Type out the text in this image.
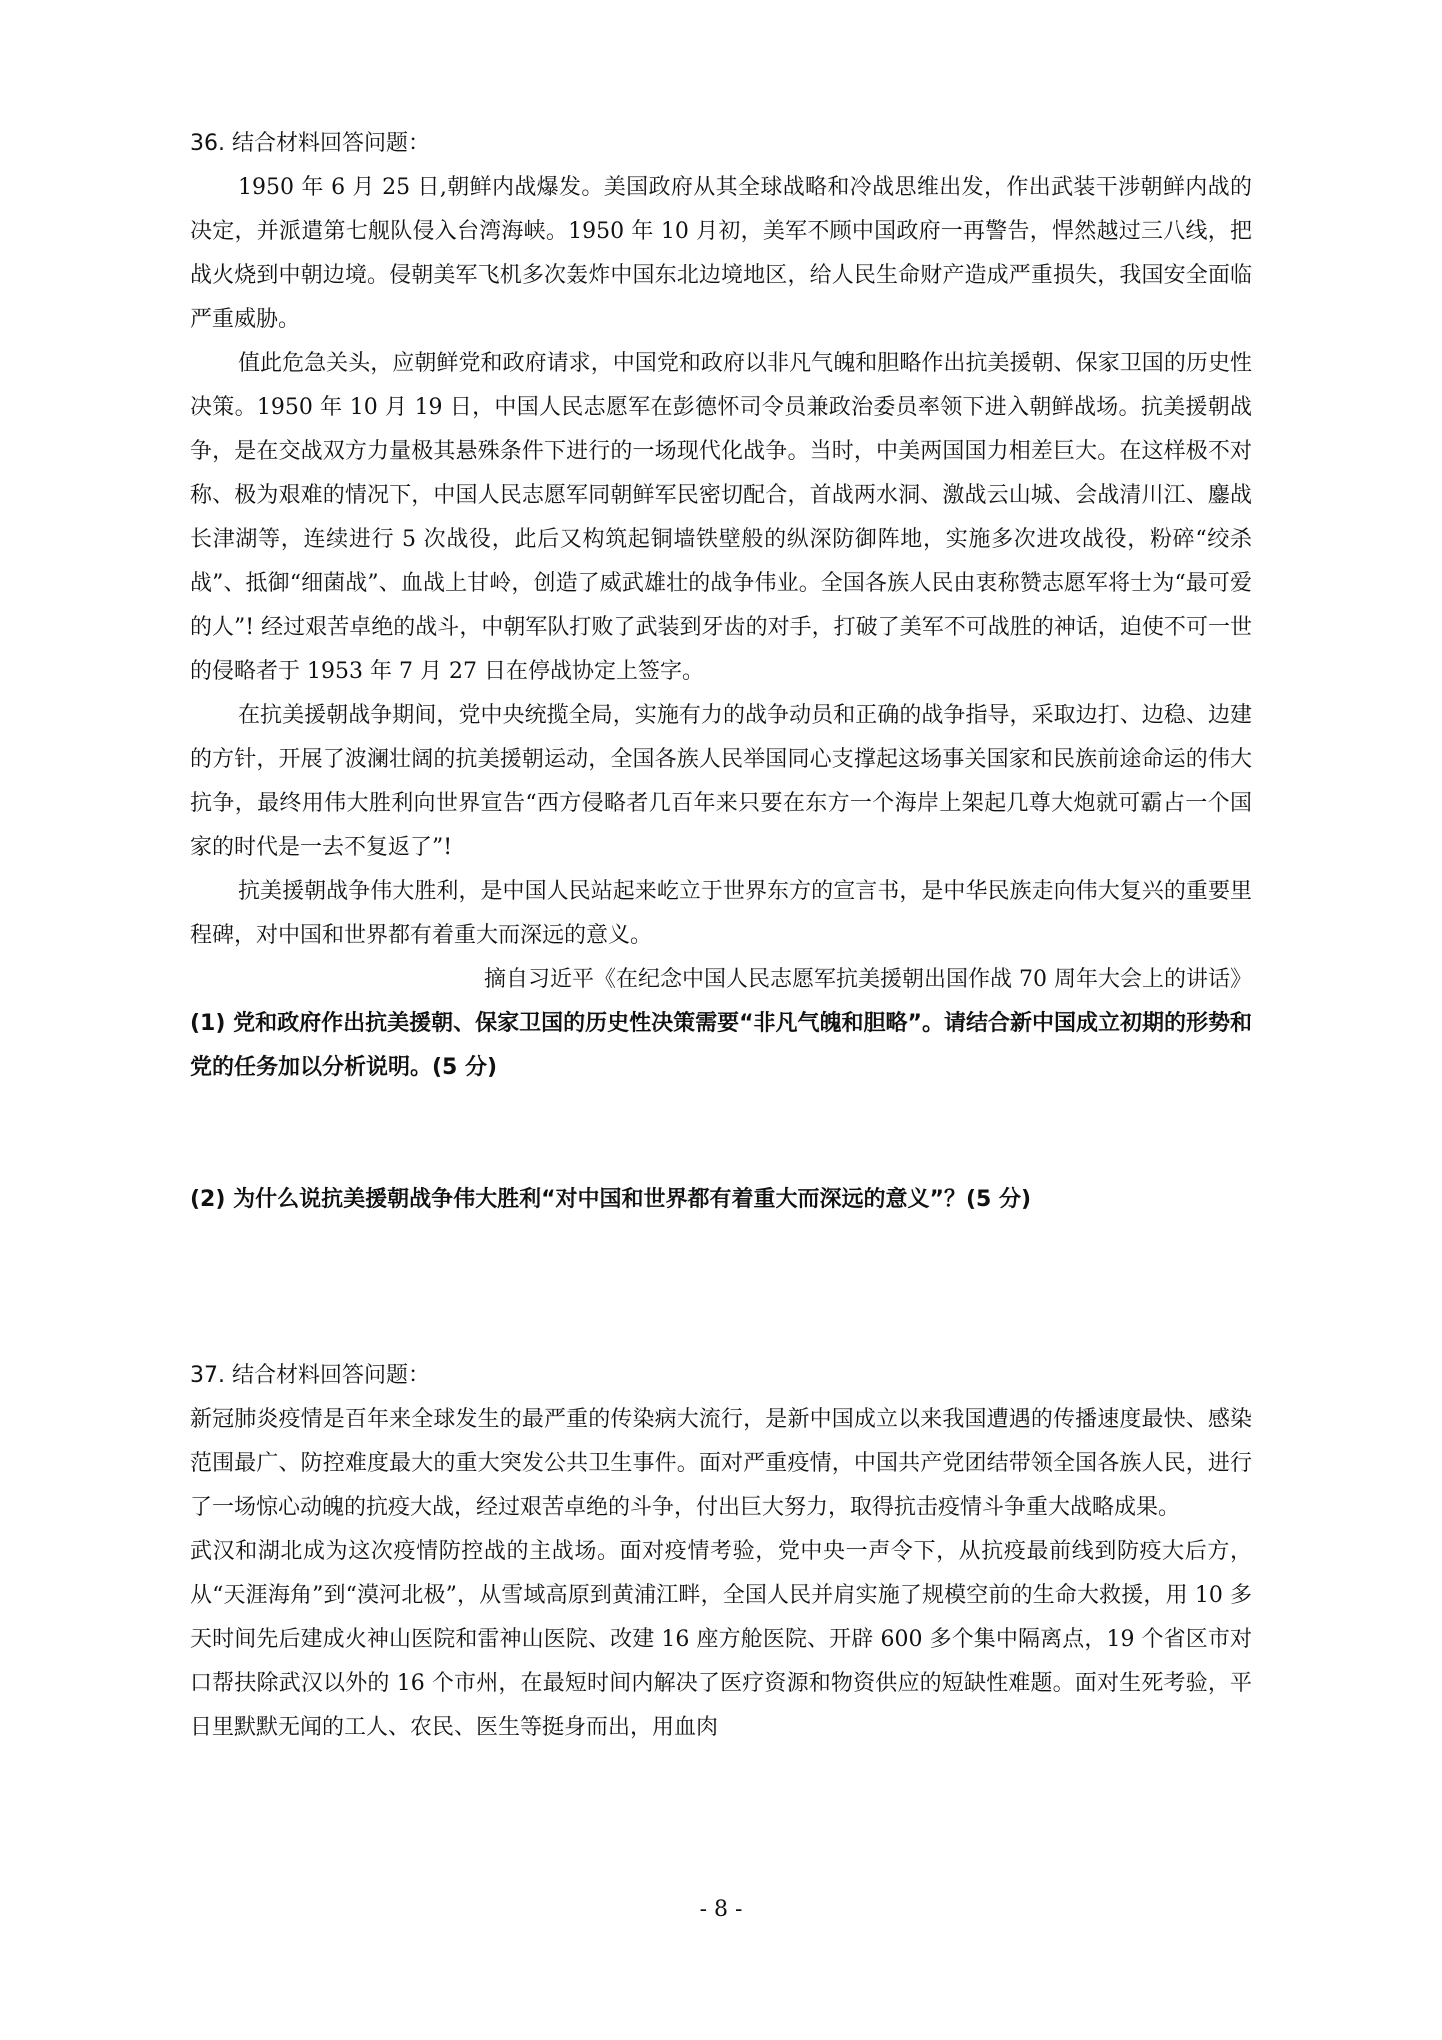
36. 结合材料回答问题：

1950 年 6 月 25 日,朝鲜内战爆发。美国政府从其全球战略和冷战思维出发，作出武装干涉朝鲜内战的决定，并派遣第七舰队侵入台湾海峡。1950 年 10 月初，美军不顾中国政府一再警告，悍然越过三八线，把战火烧到中朝边境。侵朝美军飞机多次轰炸中国东北边境地区，给人民生命财产造成严重损失，我国安全面临严重威胁。

值此危急关头，应朝鲜党和政府请求，中国党和政府以非凡气魄和胆略作出抗美援朝、保家卫国的历史性决策。1950 年 10 月 19 日，中国人民志愿军在彭德怀司令员兼政治委员率领下进入朝鲜战场。抗美援朝战争，是在交战双方力量极其悬殊条件下进行的一场现代化战争。当时，中美两国国力相差巨大。在这样极不对称、极为艰难的情况下，中国人民志愿军同朝鲜军民密切配合，首战两水洞、激战云山城、会战清川江、鏖战长津湖等，连续进行 5 次战役，此后又构筑起铜墙铁壁般的纵深防御阵地，实施多次进攻战役，粉碎“绞杀战”、抵御“细菌战”、血战上甘岭，创造了威武雄壮的战争伟业。全国各族人民由衷称赞志愿军将士为“最可爱的人”! 经过艰苦卓绝的战斗，中朝军队打败了武装到牙齿的对手，打破了美军不可战胜的神话，迫使不可一世的侵略者于 1953 年 7 月 27 日在停战协定上签字。

在抗美援朝战争期间，党中央统揽全局，实施有力的战争动员和正确的战争指导，采取边打、边稳、边建的方针，开展了波澜壮阔的抗美援朝运动，全国各族人民举国同心支撑起这场事关国家和民族前途命运的伟大抗争，最终用伟大胜利向世界宣告“西方侵略者几百年来只要在东方一个海岸上架起几尊大炮就可霸占一个国家的时代是一去不复返了”!

抗美援朝战争伟大胜利，是中国人民站起来屹立于世界东方的宣言书，是中华民族走向伟大复兴的重要里程碑，对中国和世界都有着重大而深远的意义。

摘自习近平《在纪念中国人民志愿军抗美援朝出国作战 70 周年大会上的讲话》

(1) 党和政府作出抗美援朝、保家卫国的历史性决策需要“非凡气魄和胆略”。请结合新中国成立初期的形势和党的任务加以分析说明。(5 分)

(2) 为什么说抗美援朝战争伟大胜利“对中国和世界都有着重大而深远的意义”？(5 分)

37. 结合材料回答问题：

新冠肺炎疫情是百年来全球发生的最严重的传染病大流行，是新中国成立以来我国遭遇的传播速度最快、感染范围最广、防控难度最大的重大突发公共卫生事件。面对严重疫情，中国共产党团结带领全国各族人民，进行了一场惊心动魄的抗疫大战，经过艰苦卓绝的斗争，付出巨大努力，取得抗击疫情斗争重大战略成果。

武汉和湖北成为这次疫情防控战的主战场。面对疫情考验，党中央一声令下，从抗疫最前线到防疫大后方，从“天涯海角”到“漠河北极”，从雪域高原到黄浦江畔，全国人民并肩实施了规模空前的生命大救援，用 10 多天时间先后建成火神山医院和雷神山医院、改建 16 座方舱医院、开辟 600 多个集中隔离点，19 个省区市对口帮扶除武汉以外的 16 个市州，在最短时间内解决了医疗资源和物资供应的短缺性难题。面对生死考验，平日里默默无闻的工人、农民、医生等挺身而出，用血肉

- 8 -
